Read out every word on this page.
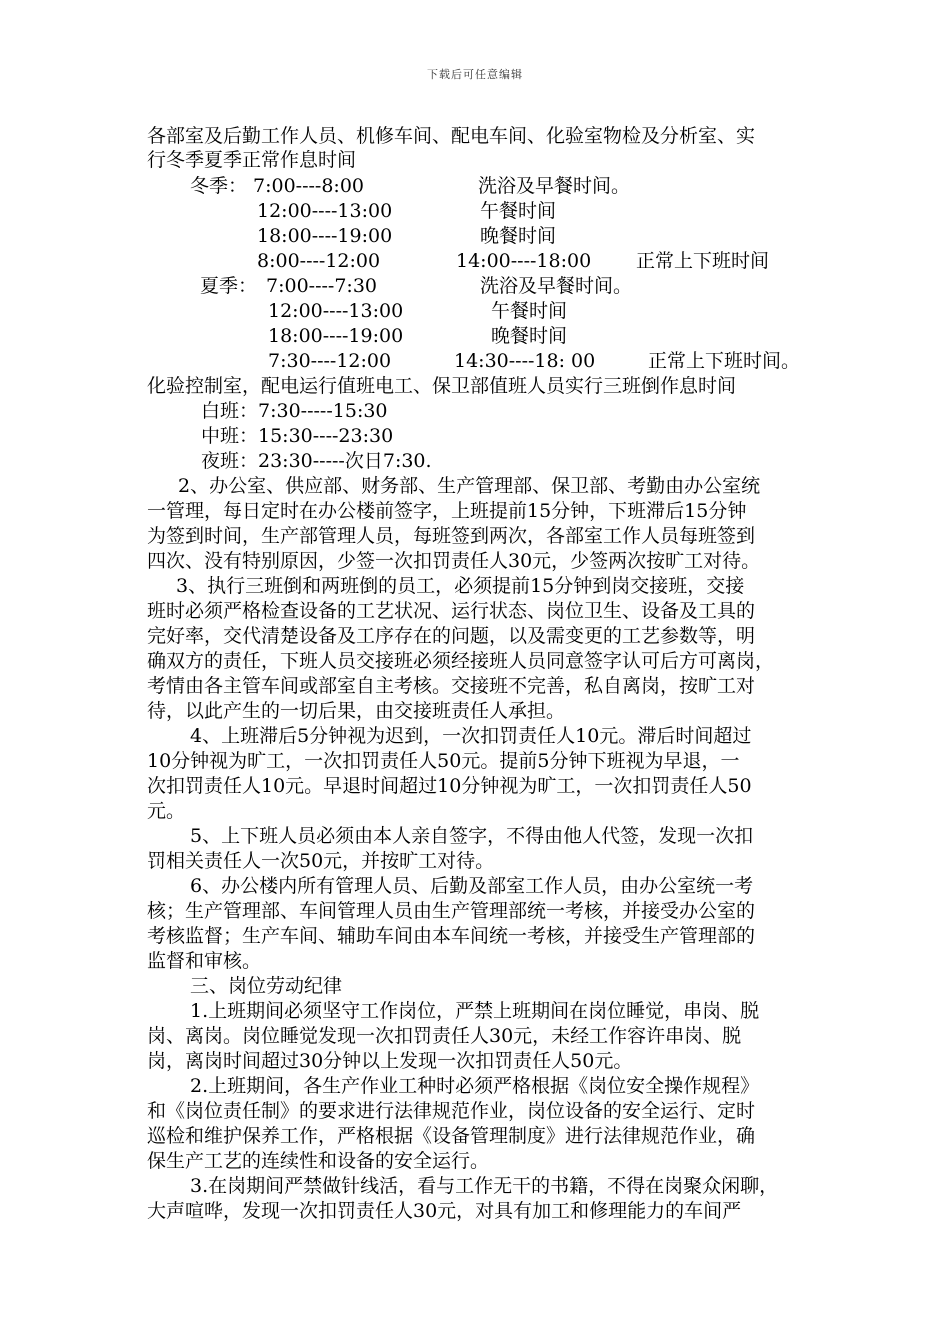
下载后可任意编辑
各部室及后勤工作人员、机修车间、配电车间、化验室物检及分析室、实
行冬季夏季正常作息时间
冬季： 7:00----8:00	洗浴及早餐时间。
12:00----13:00	午餐时间
18:00----19:00	晚餐时间
8:00----12:00	14:00----18:00 正常上下班时间
夏季： 7:00----7:30	洗浴及早餐时间。
12:00----13:00	午餐时间
18:00----19:00	晚餐时间
7:30----12:00	14:30----18: 00	正常上下班时间。
化验控制室，配电运行值班电工、保卫部值班人员实行三班倒作息时间
白班：7:30-----15:30
中班：15:30----23:30
夜班：23:30-----次日7:30.
2、办公室、供应部、财务部、生产管理部、保卫部、考勤由办公室统
一管理，每日定时在办公楼前签字，上班提前15分钟，下班滞后15分钟
为签到时间，生产部管理人员，每班签到两次，各部室工作人员每班签到
四次、没有特别原因，少签一次扣罚责任人30元，少签两次按旷工对待。
3、执行三班倒和两班倒的员工，必须提前15分钟到岗交接班，交接
班时必须严格检查设备的工艺状况、运行状态、岗位卫生、设备及工具的
完好率，交代清楚设备及工序存在的问题，以及需变更的工艺参数等，明
确双方的责任，下班人员交接班必须经接班人员同意签字认可后方可离岗，
考情由各主管车间或部室自主考核。交接班不完善，私自离岗，按旷工对
待，以此产生的一切后果，由交接班责任人承担。
4、上班滞后5分钟视为迟到，一次扣罚责任人10元。滞后时间超过
10分钟视为旷工，一次扣罚责任人50元。提前5分钟下班视为早退，一
次扣罚责任人10元。早退时间超过10分钟视为旷工，一次扣罚责任人50
元。
5、上下班人员必须由本人亲自签字，不得由他人代签，发现一次扣
罚相关责任人一次50元，并按旷工对待。
6、办公楼内所有管理人员、后勤及部室工作人员，由办公室统一考
核；生产管理部、车间管理人员由生产管理部统一考核，并接受办公室的
考核监督；生产车间、辅助车间由本车间统一考核，并接受生产管理部的
监督和审核。
三、岗位劳动纪律
1.上班期间必须坚守工作岗位，严禁上班期间在岗位睡觉，串岗、脱
岗、离岗。岗位睡觉发现一次扣罚责任人30元，未经工作容许串岗、脱
岗，离岗时间超过30分钟以上发现一次扣罚责任人50元。
2.上班期间，各生产作业工种时必须严格根据《岗位安全操作规程》
和《岗位责任制》的要求进行法律规范作业，岗位设备的安全运行、定时
巡检和维护保养工作，严格根据《设备管理制度》进行法律规范作业，确
保生产工艺的连续性和设备的安全运行。
3.在岗期间严禁做针线活，看与工作无干的书籍，不得在岗聚众闲聊，
大声喧哗，发现一次扣罚责任人30元，对具有加工和修理能力的车间严
